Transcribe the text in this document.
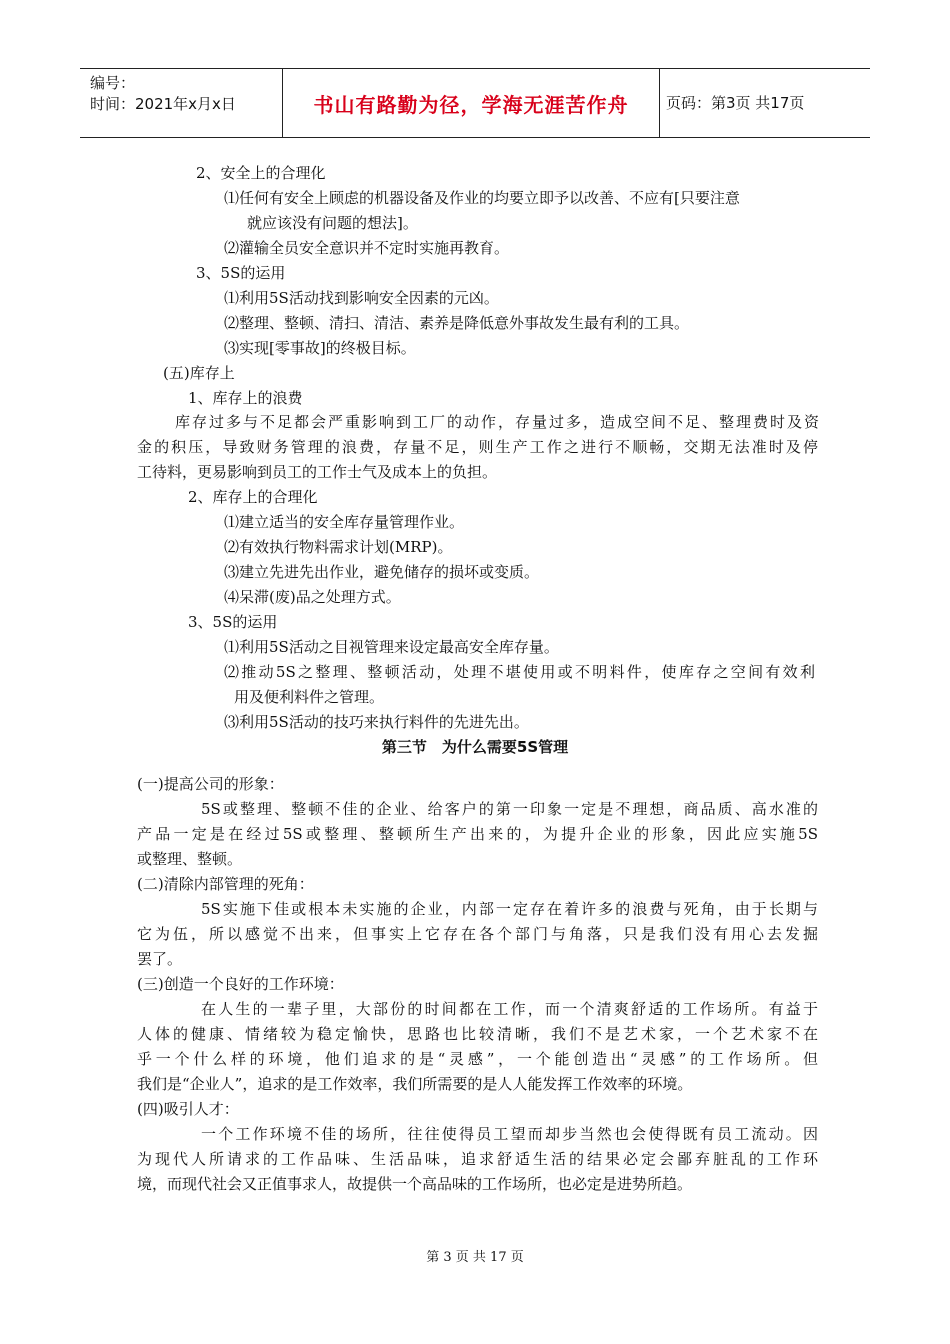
编号：
时间：2021年x月x日	书山有路勤为径，学海无涯苦作舟	页码：第3页 共17页
2、安全上的合理化
⑴任何有安全上顾虑的机器设备及作业的均要立即予以改善、不应有[只要注意
就应该没有问题的想法]。
⑵灌输全员安全意识并不定时实施再教育。
3、5S的运用
⑴利用5S活动找到影响安全因素的元凶。
⑵整理、整顿、清扫、清洁、素养是降低意外事故发生最有利的工具。
⑶实现[零事故]的终极目标。
(五)库存上
1、库存上的浪费
库存过多与不足都会严重影响到工厂的动作，存量过多，造成空间不足、整理费时及资
金的积压，导致财务管理的浪费，存量不足，则生产工作之进行不顺畅，交期无法准时及停
工待料，更易影响到员工的工作士气及成本上的负担。
2、库存上的合理化
⑴建立适当的安全库存量管理作业。
⑵有效执行物料需求计划(MRP)。
⑶建立先进先出作业，避免储存的损坏或变质。
⑷呆滞(废)品之处理方式。
3、5S的运用
⑴利用5S活动之目视管理来设定最高安全库存量。
⑵推动5S之整理、整顿活动，处理不堪使用或不明料件，使库存之空间有效利
用及便利料件之管理。
⑶利用5S活动的技巧来执行料件的先进先出。
第三节　为什么需要5S管理
(一)提高公司的形象：
5S或整理、整顿不佳的企业、给客户的第一印象一定是不理想，商品质、高水准的
产品一定是在经过5S或整理、整顿所生产出来的，为提升企业的形象，因此应实施5S
或整理、整顿。
(二)清除内部管理的死角：
5S实施下佳或根本未实施的企业，内部一定存在着许多的浪费与死角，由于长期与
它为伍，所以感觉不出来，但事实上它存在各个部门与角落，只是我们没有用心去发掘
罢了。
(三)创造一个良好的工作环境：
在人生的一辈子里，大部份的时间都在工作，而一个清爽舒适的工作场所。有益于
人体的健康、情绪较为稳定愉快，思路也比较清晰，我们不是艺术家，一个艺术家不在
乎一个什么样的环境，他们追求的是“灵感”，一个能创造出“灵感”的工作场所。但
我们是“企业人”，追求的是工作效率，我们所需要的是人人能发挥工作效率的环境。
(四)吸引人才：
一个工作环境不佳的场所，往往使得员工望而却步当然也会使得既有员工流动。因
为现代人所请求的工作品味、生活品味，追求舒适生活的结果必定会鄙弃脏乱的工作环
境，而现代社会又正值事求人，故提供一个高品味的工作场所，也必定是进势所趋。
第 3 页 共 17 页
